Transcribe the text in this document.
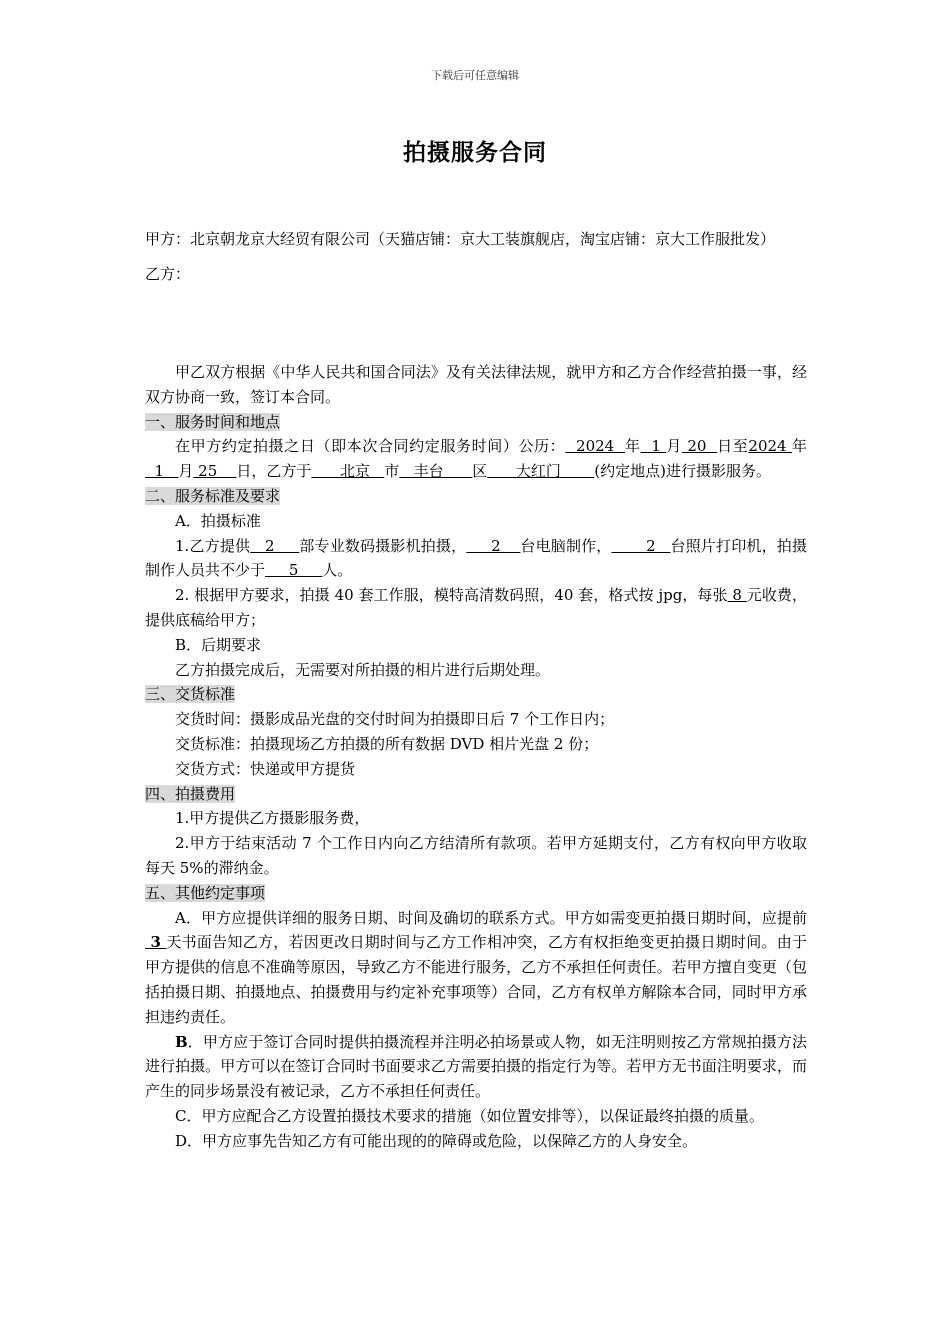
下载后可任意编辑
拍摄服务合同
甲方：北京朝龙京大经贸有限公司（天猫店铺：京大工装旗舰店，淘宝店铺：京大工作服批发）
乙方：

甲乙双方根据《中华人民共和国合同法》及有关法律法规，就甲方和乙方合作经营拍摄一事，经双方协商一致，签订本合同。

一、服务时间和地点

在甲方约定拍摄之日（即本次合同约定服务时间）公历：  2024  年  1 月 20  日至2024 年  1   月 25    日，乙方于      北京   市   丰台      区      大红门       (约定地点)进行摄影服务。

二、服务标准及要求

A．拍摄标准

1.乙方提供   2     部专业数码摄影机拍摄，     2    台电脑制作，       2   台照片打印机，拍摄制作人员共不少于     5     人。

2. 根据甲方要求，拍摄 40 套工作服，模特高清数码照，40 套，格式按 jpg，每张 8 元收费，提供底稿给甲方；

B．后期要求

乙方拍摄完成后，无需要对所拍摄的相片进行后期处理。

三、交货标准

交货时间：摄影成品光盘的交付时间为拍摄即日后 7 个工作日内；

交货标准：拍摄现场乙方拍摄的所有数据 DVD 相片光盘 2 份；

交货方式：快递或甲方提货

四、拍摄费用

1.甲方提供乙方摄影服务费，

2.甲方于结束活动 7 个工作日内向乙方结清所有款项。若甲方延期支付，乙方有权向甲方收取每天 5%的滞纳金。

五、其他约定事项

A．甲方应提供详细的服务日期、时间及确切的联系方式。甲方如需变更拍摄日期时间，应提前 3 天书面告知乙方，若因更改日期时间与乙方工作相冲突，乙方有权拒绝变更拍摄日期时间。由于甲方提供的信息不准确等原因，导致乙方不能进行服务，乙方不承担任何责任。若甲方擅自变更（包括拍摄日期、拍摄地点、拍摄费用与约定补充事项等）合同，乙方有权单方解除本合同，同时甲方承担违约责任。

B．甲方应于签订合同时提供拍摄流程并注明必拍场景或人物，如无注明则按乙方常规拍摄方法进行拍摄。甲方可以在签订合同时书面要求乙方需要拍摄的指定行为等。若甲方无书面注明要求，而产生的同步场景没有被记录，乙方不承担任何责任。

C．甲方应配合乙方设置拍摄技术要求的措施（如位置安排等），以保证最终拍摄的质量。

D．甲方应事先告知乙方有可能出现的的障碍或危险，以保障乙方的人身安全。
